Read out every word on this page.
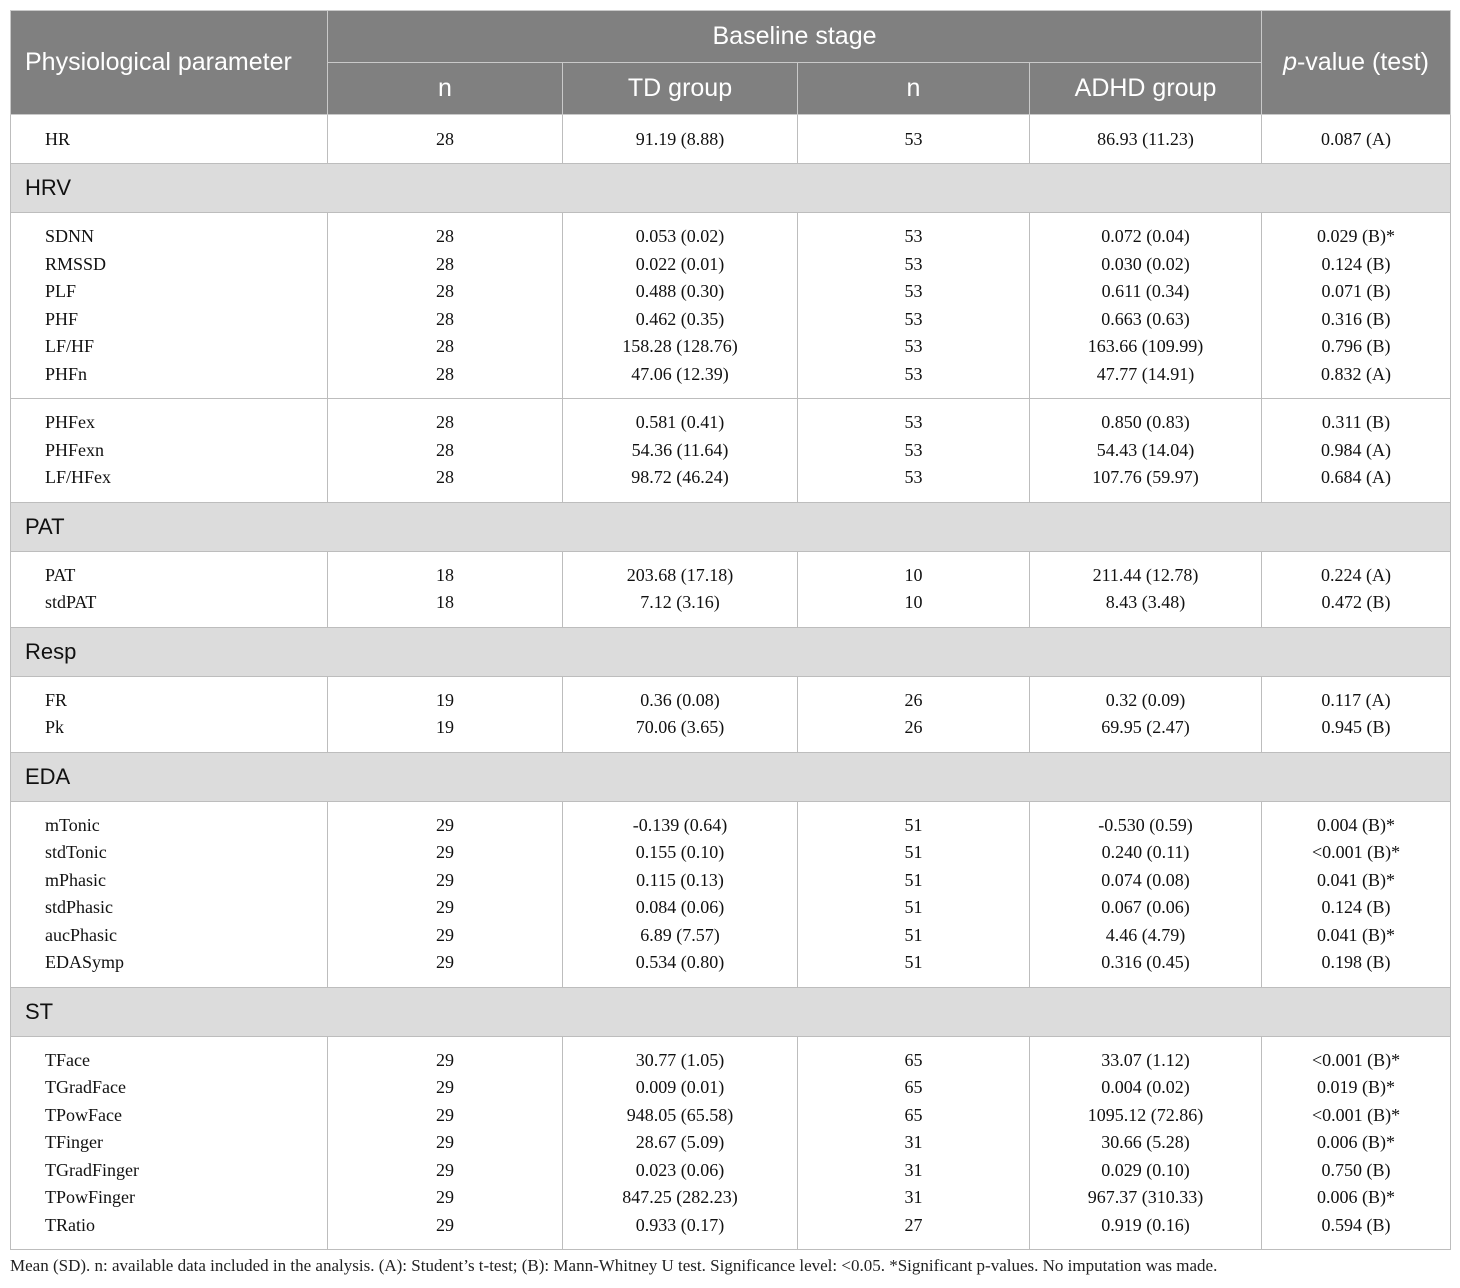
Physiological parameter	Baseline stage				p-value (test)
	n	TD group	n	ADHD group	
HR	28	91.19 (8.88)	53	86.93 (11.23)	0.087 (A)
HRV					
SDNN	28	0.053 (0.02)	53	0.072 (0.04)	0.029 (B)*
RMSSD	28	0.022 (0.01)	53	0.030 (0.02)	0.124 (B)
PLF	28	0.488 (0.30)	53	0.611 (0.34)	0.071 (B)
PHF	28	0.462 (0.35)	53	0.663 (0.63)	0.316 (B)
LF/HF	28	158.28 (128.76)	53	163.66 (109.99)	0.796 (B)
PHFn	28	47.06 (12.39)	53	47.77 (14.91)	0.832 (A)
PHFex	28	0.581 (0.41)	53	0.850 (0.83)	0.311 (B)
PHFexn	28	54.36 (11.64)	53	54.43 (14.04)	0.984 (A)
LF/HFex	28	98.72 (46.24)	53	107.76 (59.97)	0.684 (A)
PAT					
PAT	18	203.68 (17.18)	10	211.44 (12.78)	0.224 (A)
stdPAT	18	7.12 (3.16)	10	8.43 (3.48)	0.472 (B)
Resp					
FR	19	0.36 (0.08)	26	0.32 (0.09)	0.117 (A)
Pk	19	70.06 (3.65)	26	69.95 (2.47)	0.945 (B)
EDA					
mTonic	29	-0.139 (0.64)	51	-0.530 (0.59)	0.004 (B)*
stdTonic	29	0.155 (0.10)	51	0.240 (0.11)	<0.001 (B)*
mPhasic	29	0.115 (0.13)	51	0.074 (0.08)	0.041 (B)*
stdPhasic	29	0.084 (0.06)	51	0.067 (0.06)	0.124 (B)
aucPhasic	29	6.89 (7.57)	51	4.46 (4.79)	0.041 (B)*
EDASymp	29	0.534 (0.80)	51	0.316 (0.45)	0.198 (B)
ST					
TFace	29	30.77 (1.05)	65	33.07 (1.12)	<0.001 (B)*
TGradFace	29	0.009 (0.01)	65	0.004 (0.02)	0.019 (B)*
TPowFace	29	948.05 (65.58)	65	1095.12 (72.86)	<0.001 (B)*
TFinger	29	28.67 (5.09)	31	30.66 (5.28)	0.006 (B)*
TGradFinger	29	0.023 (0.06)	31	0.029 (0.10)	0.750 (B)
TPowFinger	29	847.25 (282.23)	31	967.37 (310.33)	0.006 (B)*
TRatio	29	0.933 (0.17)	27	0.919 (0.16)	0.594 (B)
Mean (SD). n: available data included in the analysis. (A): Student’s t-test; (B): Mann-Whitney U test. Significance level: <0.05. *Significant p-values. No imputation was made.
